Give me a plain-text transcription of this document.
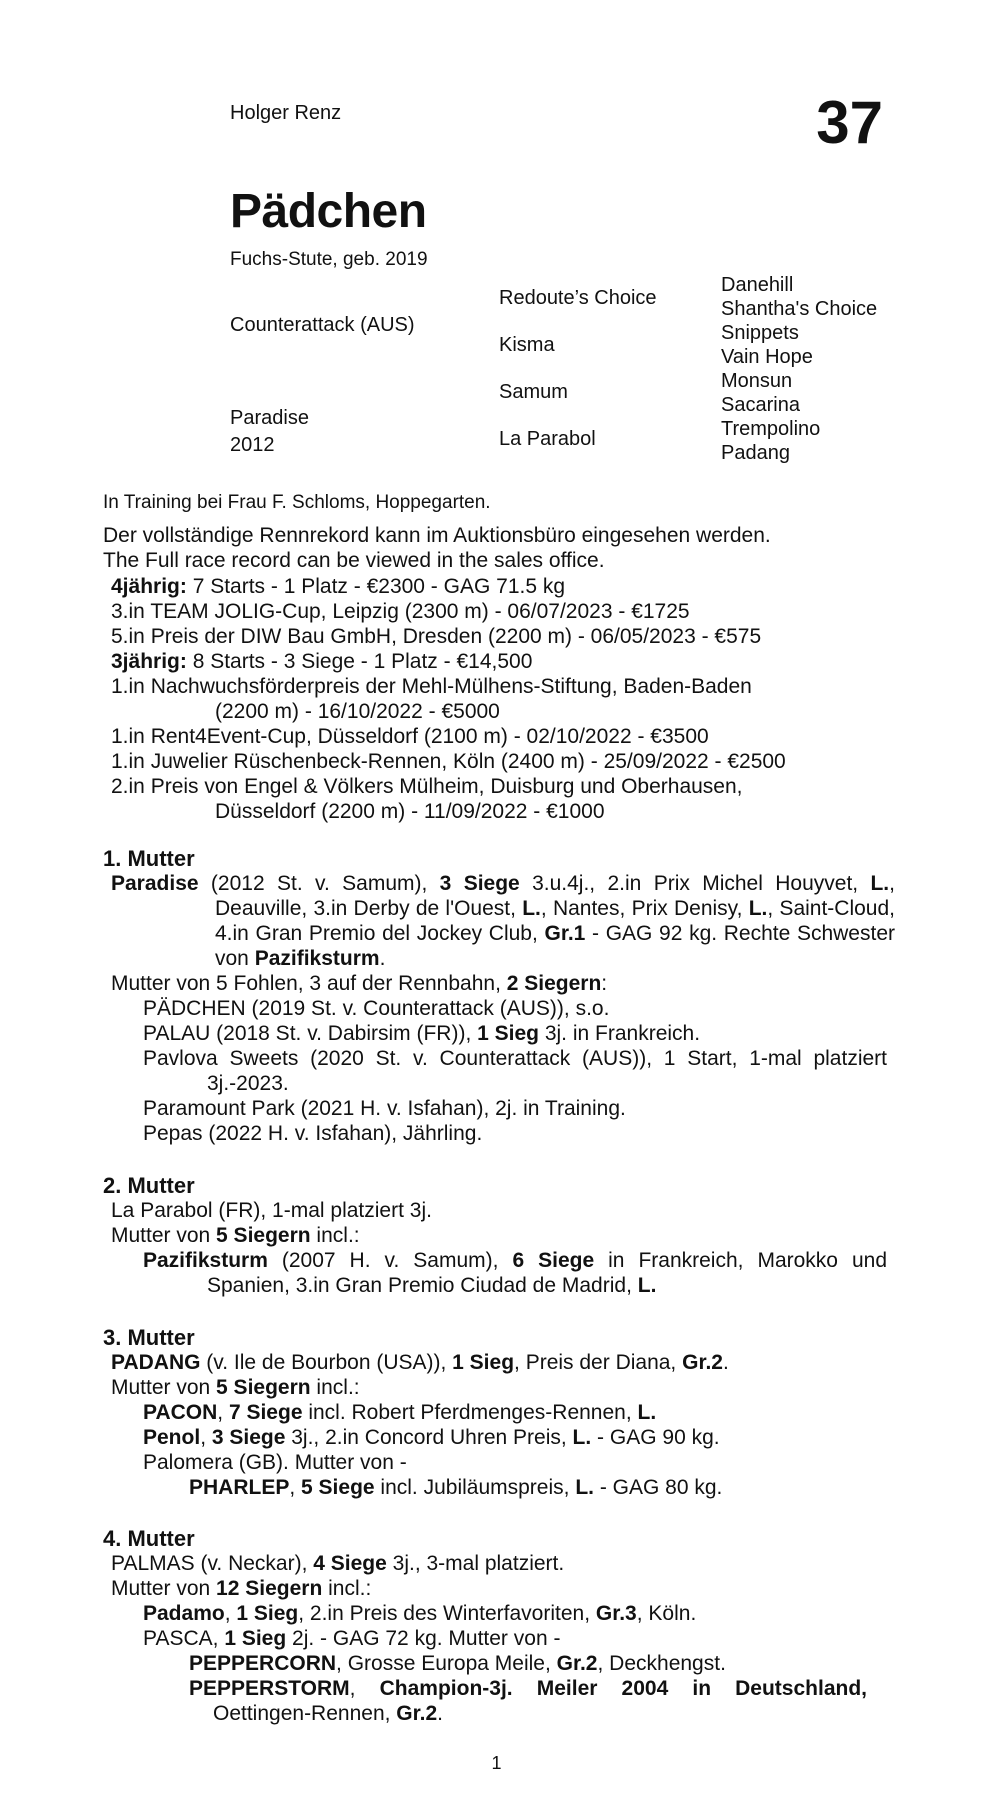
Holger Renz	37
Pädchen
Fuchs-Stute, geb. 2019
Counterattack (AUS)
Paradise
2012
Redoute’s Choice
Kisma
Samum
La Parabol
Danehill
Shantha's Choice
Snippets
Vain Hope
Monsun
Sacarina
Trempolino
Padang
In Training bei Frau F. Schloms, Hoppegarten.
Der vollständige Rennrekord kann im Auktionsbüro eingesehen werden.
The Full race record can be viewed in the sales office.
4jährig: 7 Starts - 1 Platz - €2300 - GAG 71.5 kg
3.in TEAM JOLIG-Cup, Leipzig (2300 m) - 06/07/2023 - €1725
5.in Preis der DIW Bau GmbH, Dresden (2200 m) - 06/05/2023 - €575
3jährig: 8 Starts - 3 Siege - 1 Platz - €14,500
1.in Nachwuchsförderpreis der Mehl-Mülhens-Stiftung, Baden-Baden
(2200 m) - 16/10/2022 - €5000
1.in Rent4Event-Cup, Düsseldorf (2100 m) - 02/10/2022 - €3500
1.in Juwelier Rüschenbeck-Rennen, Köln (2400 m) - 25/09/2022 - €2500
2.in Preis von Engel & Völkers Mülheim, Duisburg und Oberhausen,
Düsseldorf (2200 m) - 11/09/2022 - €1000
1. Mutter
Paradise (2012 St. v. Samum), 3 Siege 3.u.4j., 2.in Prix Michel Houyvet, L., Deauville, 3.in Derby de l'Ouest, L., Nantes, Prix Denisy, L., Saint-Cloud, 4.in Gran Premio del Jockey Club, Gr.1 - GAG 92 kg. Rechte Schwester von Pazifiksturm.
Mutter von 5 Fohlen, 3 auf der Rennbahn, 2 Siegern:
PÄDCHEN (2019 St. v. Counterattack (AUS)), s.o.
PALAU (2018 St. v. Dabirsim (FR)), 1 Sieg 3j. in Frankreich.
Pavlova Sweets (2020 St. v. Counterattack (AUS)), 1 Start, 1-mal platziert 3j.-2023.
Paramount Park (2021 H. v. Isfahan), 2j. in Training.
Pepas (2022 H. v. Isfahan), Jährling.
2. Mutter
La Parabol (FR), 1-mal platziert 3j.
Mutter von 5 Siegern incl.:
Pazifiksturm (2007 H. v. Samum), 6 Siege in Frankreich, Marokko und Spanien, 3.in Gran Premio Ciudad de Madrid, L.
3. Mutter
PADANG (v. Ile de Bourbon (USA)), 1 Sieg, Preis der Diana, Gr.2.
Mutter von 5 Siegern incl.:
PACON, 7 Siege incl. Robert Pferdmenges-Rennen, L.
Penol, 3 Siege 3j., 2.in Concord Uhren Preis, L. - GAG 90 kg.
Palomera (GB). Mutter von -
PHARLEP, 5 Siege incl. Jubiläumspreis, L. - GAG 80 kg.
4. Mutter
PALMAS (v. Neckar), 4 Siege 3j., 3-mal platziert.
Mutter von 12 Siegern incl.:
Padamo, 1 Sieg, 2.in Preis des Winterfavoriten, Gr.3, Köln.
PASCA, 1 Sieg 2j. - GAG 72 kg. Mutter von -
PEPPERCORN, Grosse Europa Meile, Gr.2, Deckhengst.
PEPPERSTORM, Champion-3j. Meiler 2004 in Deutschland, Oettingen-Rennen, Gr.2.
1
